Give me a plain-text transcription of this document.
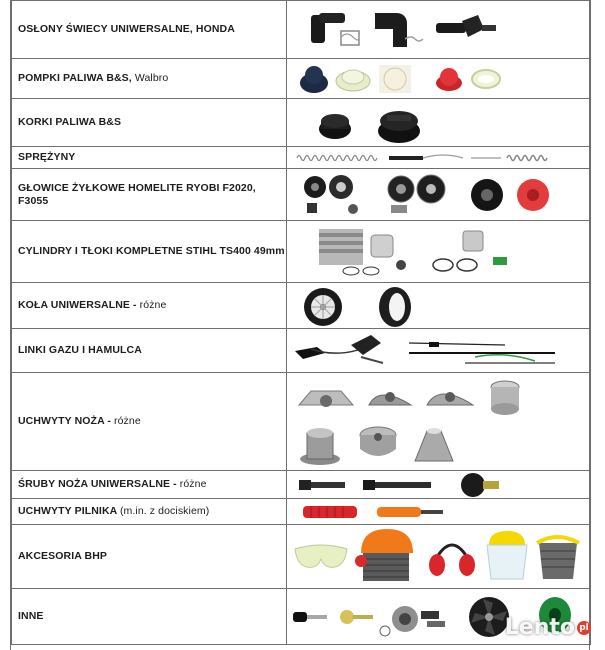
OSŁONY ŚWIECY UNIWERSALNE, HONDA	

POMPKI PALIWA B&S, Walbro	

KORKI PALIWA B&S	

SPRĘŻYNY	

GŁOWICE ŻYŁKOWE HOMELITE RYOBI F2020, F3055	

CYLINDRY I TŁOKI KOMPLETNE STIHL TS400 49mm	

KOŁA UNIWERSALNE - różne	

LINKI GAZU I HAMULCA	

UCHWYTY NOŻA - różne	

ŚRUBY NOŻA UNIWERSALNE - różne	

UCHWYTY PILNIKA (m.in. z dociskiem)	

AKCESORIA BHP	

INNE		Lento pl
